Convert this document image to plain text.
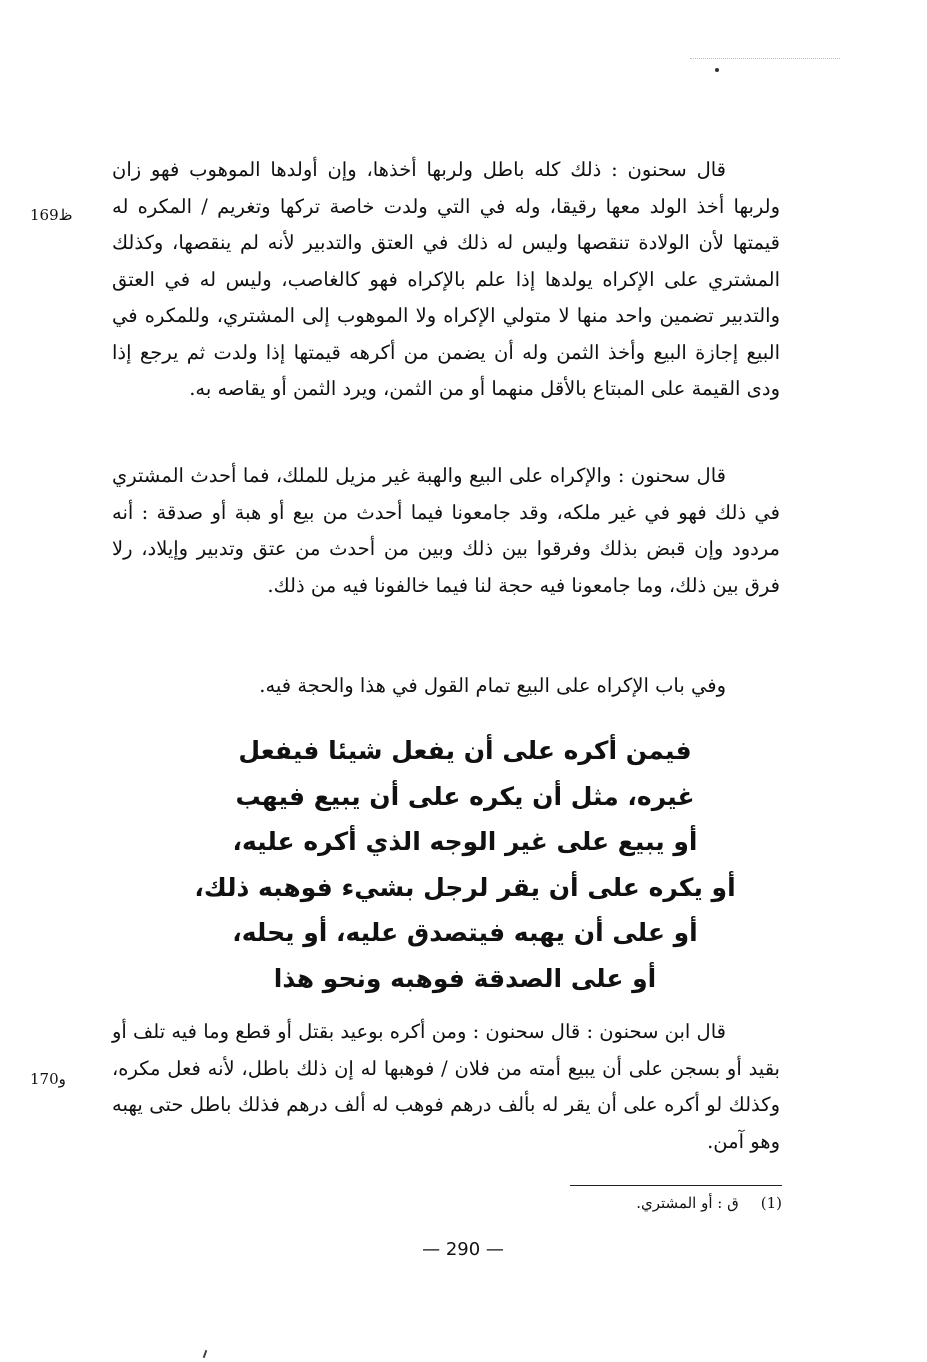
169ظ
170و

قال سحنون : ذلك كله باطل ولربها أخذها، وإن أولدها الموهوب فهو زان ولربها أخذ الولد معها رقيقا، وله في التي ولدت خاصة تركها وتغريم / المكره له قيمتها لأن الولادة تنقصها وليس له ذلك في العتق والتدبير لأنه لم ينقصها، وكذلك المشتري على الإكراه يولدها إذا علم بالإكراه فهو كالغاصب، وليس له في العتق والتدبير تضمين واحد منها لا متولي الإكراه ولا الموهوب إلى المشتري، وللمكره في البيع إجازة البيع وأخذ الثمن وله أن يضمن من أكرهه قيمتها إذا ولدت ثم يرجع إذا ودى القيمة على المبتاع بالأقل منهما أو من الثمن، ويرد الثمن أو يقاصه به.

قال سحنون : والإكراه على البيع والهبة غير مزيل للملك، فما أحدث المشتري في ذلك فهو في غير ملكه، وقد جامعونا فيما أحدث من بيع أو هبة أو صدقة : أنه مردود وإن قبض بذلك وفرقوا بين ذلك وبين من أحدث من عتق وتدبير وإيلاد، رلا فرق بين ذلك، وما جامعونا فيه حجة لنا فيما خالفونا فيه من ذلك.

وفي باب الإكراه على البيع تمام القول في هذا والحجة فيه.

فيمن أكره على أن يفعل شيئا فيفعل
غيره، مثل أن يكره على أن يبيع فيهب
أو يبيع على غير الوجه الذي أكره عليه،
أو يكره على أن يقر لرجل بشيء فوهبه ذلك،
أو على أن يهبه فيتصدق عليه، أو يحله،
أو على الصدقة فوهبه ونحو هذا

قال ابن سحنون : قال سحنون : ومن أكره بوعيد بقتل أو قطع وما فيه تلف أو بقيد أو بسجن على أن يبيع أمته من فلان / فوهبها له إن ذلك باطل، لأنه فعل مكره، وكذلك لو أكره على أن يقر له بألف درهم فوهب له ألف درهم فذلك باطل حتى يهبه وهو آمن.

(1)ق : أو المشتري.
— 290 —
